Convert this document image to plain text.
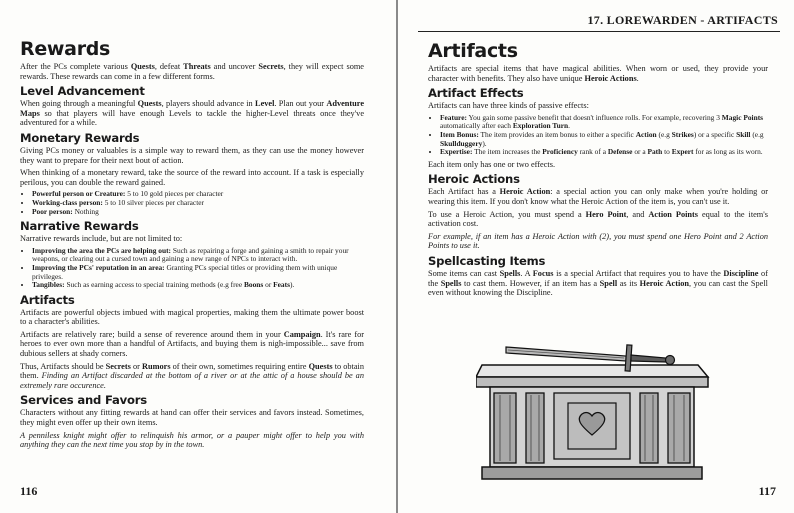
Rewards

After the PCs complete various Quests, defeat Threats and uncover Secrets, they will expect some rewards. These rewards can come in a few different forms.

Level Advancement

When going through a meaningful Quests, players should advance in Level. Plan out your Adventure Maps so that players will have enough Levels to tackle the higher-Level threats once they've adventured for a while.

Monetary Rewards

Giving PCs money or valuables is a simple way to reward them, as they can use the money however they want to prepare for their next bout of action.

When thinking of a monetary reward, take the source of the reward into account. If a task is especially perilous, you can double the reward gained.

• Powerful person or Creature: 5 to 10 gold pieces per character
• Working-class person: 5 to 10 silver pieces per character
• Poor person: Nothing
Narrative Rewards

Narrative rewards include, but are not limited to:

• Improving the area the PCs are helping out: Such as repairing a forge and gaining a smith to repair your weapons, or clearing out a cursed town and gaining a new range of NPCs to interact with.
• Improving the PCs' reputation in an area: Granting PCs special titles or providing them with unique privileges.
• Tangibles: Such as earning access to special training methods (e.g free Boons or Feats).
Artifacts

Artifacts are powerful objects imbued with magical properties, making them the ultimate power boost to a character's abilities.

Artifacts are relatively rare; build a sense of reverence around them in your Campaign. It's rare for heroes to ever own more than a handful of Artifacts, and buying them is nigh-impossible... save from dubious sellers at shady corners.

Thus, Artifacts should be Secrets or Rumors of their own, sometimes requiring entire Quests to obtain them. Finding an Artifact discarded at the bottom of a river or at the attic of a house should be an extremely rare occurence.

Services and Favors

Characters without any fitting rewards at hand can offer their services and favors instead. Sometimes, they might even offer up their own items.

A penniless knight might offer to relinquish his armor, or a pauper might offer to help you with anything they can the next time you stop by in the town.

116
17. LOREWARDEN - ARTIFACTS
Artifacts

Artifacts are special items that have magical abilities. When worn or used, they provide your character with benefits. They also have unique Heroic Actions.

Artifact Effects

Artifacts can have three kinds of passive effects:

• Feature: You gain some passive benefit that doesn't influence rolls. For example, recovering 3 Magic Points automatically after each Exploration Turn.
• Item Bonus: The item provides an item bonus to either a specific Action (e.g Strikes) or a specific Skill (e.g Skullduggery).
• Expertise: The item increases the Proficiency rank of a Defense or a Path to Expert for as long as its worn.

Each item only has one or two effects.

Heroic Actions

Each Artifact has a Heroic Action: a special action you can only make when you're holding or wearing this item. If you don't know what the Heroic Action of the item is, you can't use it.

To use a Heroic Action, you must spend a Hero Point, and Action Points equal to the item's activation cost.

For example, if an item has a Heroic Action with (2), you must spend one Hero Point and 2 Action Points to use it.

Spellcasting Items

Some items can cast Spells. A Focus is a special Artifact that requires you to have the Discipline of the Spells to cast them. However, if an item has a Spell as its Heroic Action, you can cast the Spell even without knowing the Discipline.

117
